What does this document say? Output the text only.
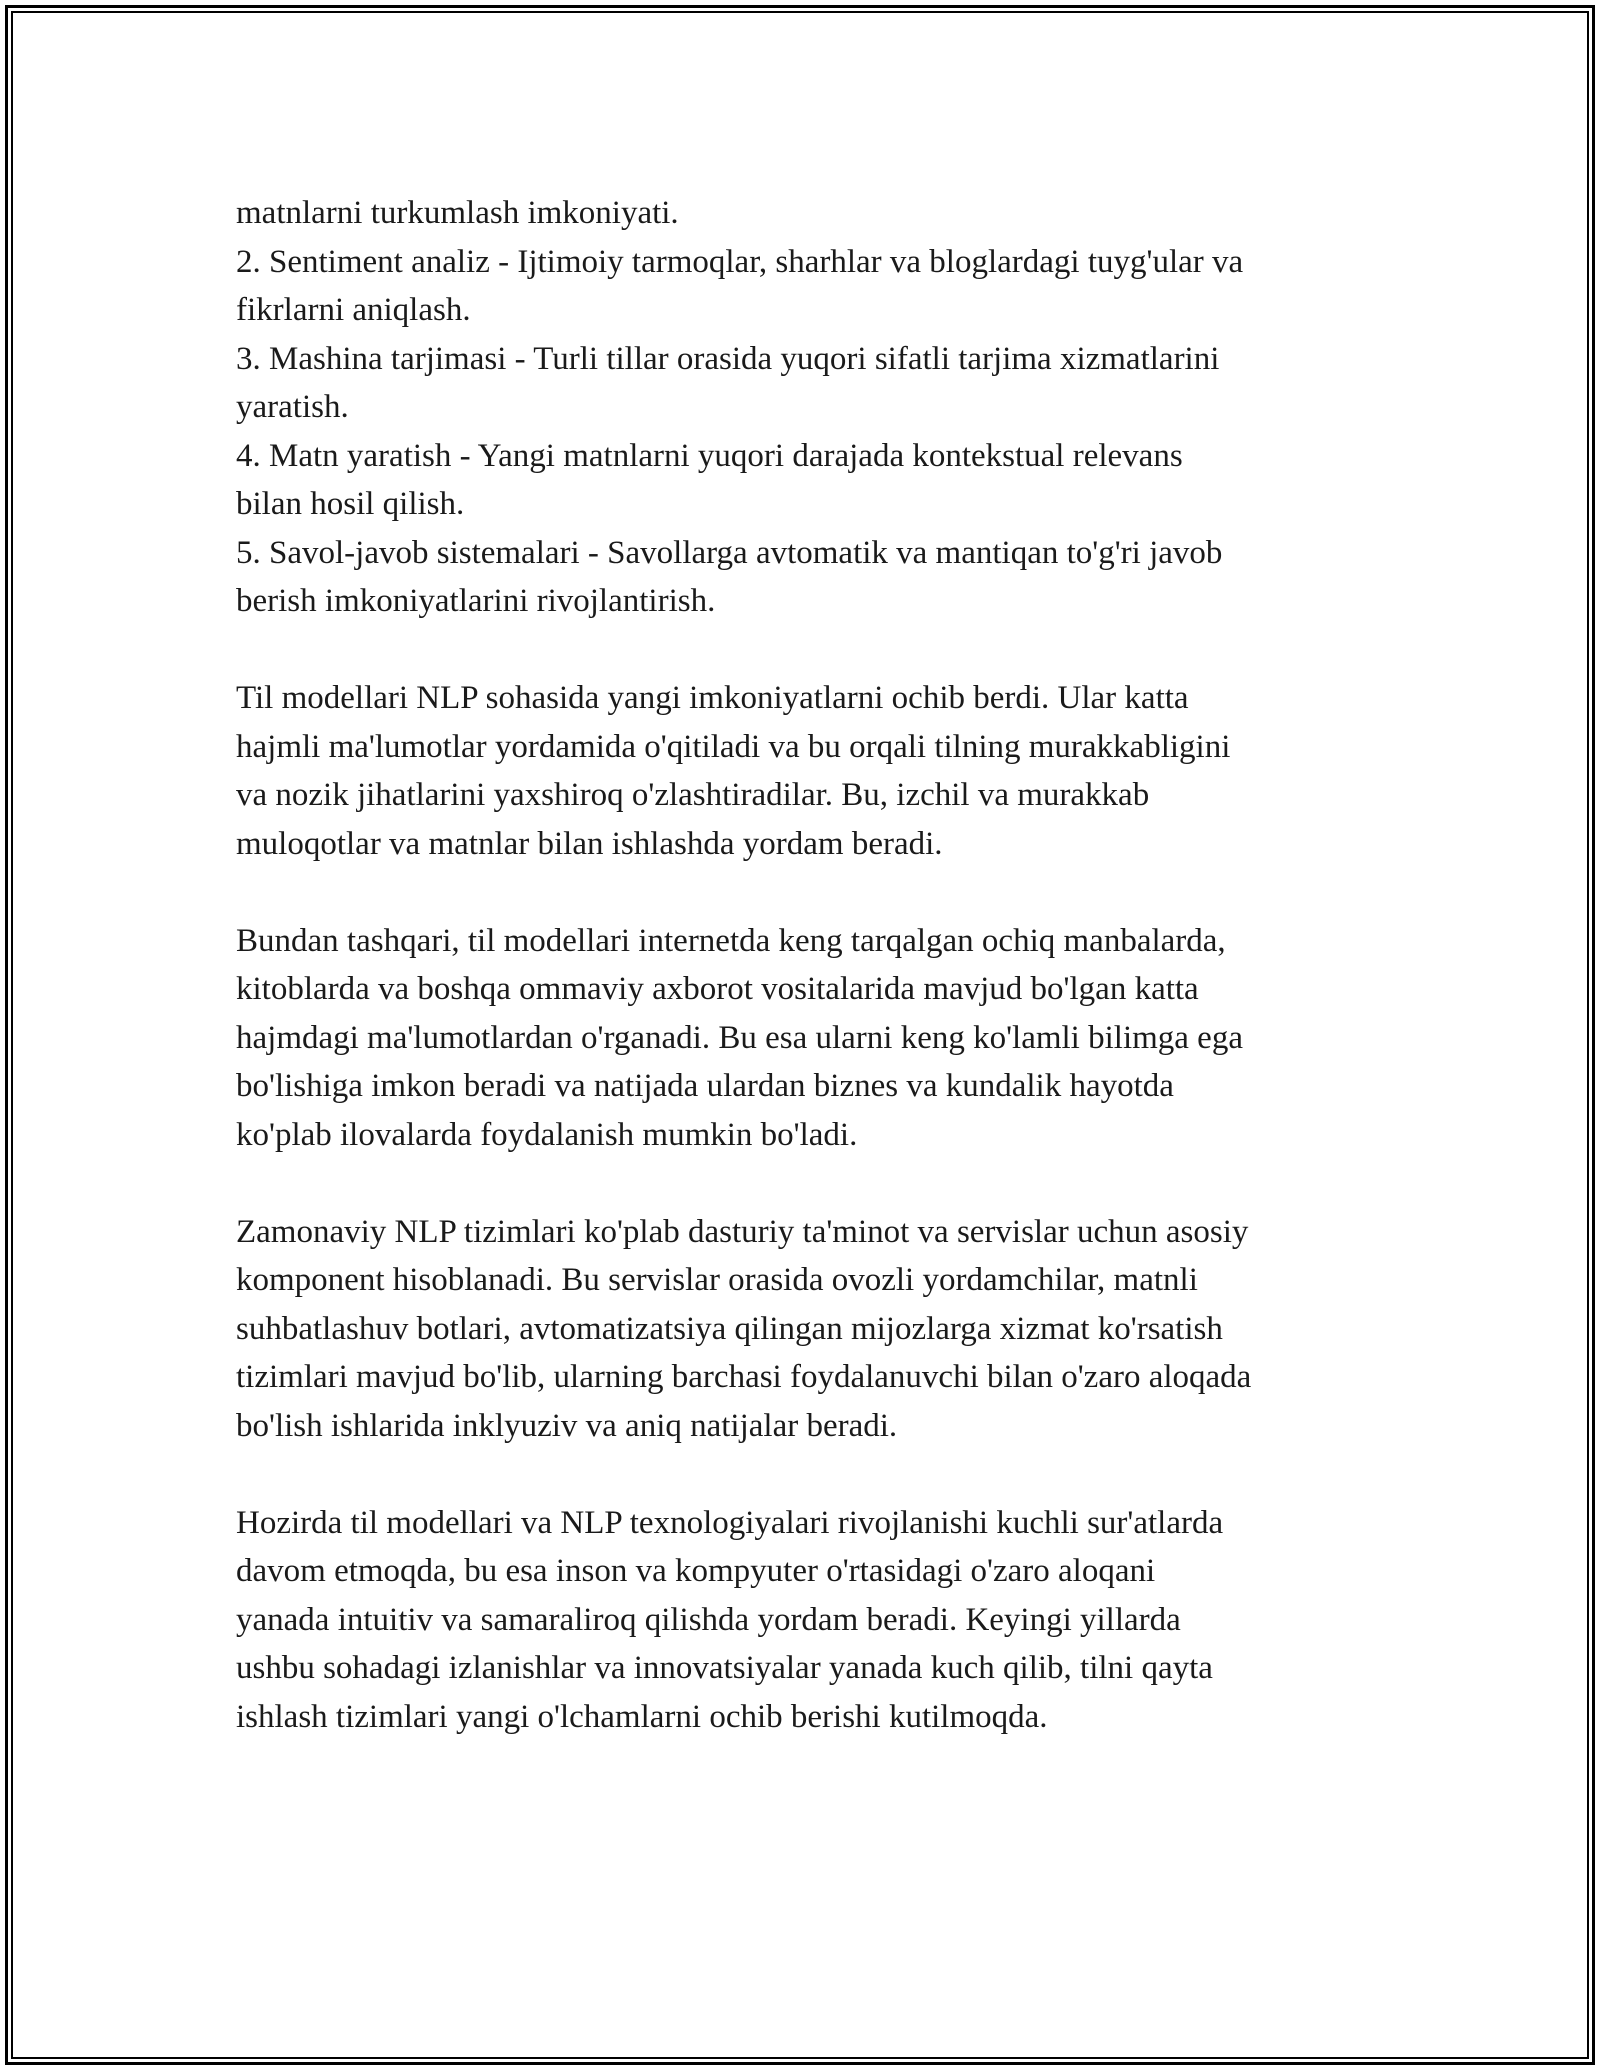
matnlarni turkumlash imkoniyati.
2. Sentiment analiz - Ijtimoiy tarmoqlar, sharhlar va bloglardagi tuyg'ular va
fikrlarni aniqlash.
3. Mashina tarjimasi - Turli tillar orasida yuqori sifatli tarjima xizmatlarini
yaratish.
4. Matn yaratish - Yangi matnlarni yuqori darajada kontekstual relevans
bilan hosil qilish.
5. Savol-javob sistemalari - Savollarga avtomatik va mantiqan to'g'ri javob
berish imkoniyatlarini rivojlantirish.
Til modellari NLP sohasida yangi imkoniyatlarni ochib berdi. Ular katta
hajmli ma'lumotlar yordamida o'qitiladi va bu orqali tilning murakkabligini
va nozik jihatlarini yaxshiroq o'zlashtiradilar. Bu, izchil va murakkab
muloqotlar va matnlar bilan ishlashda yordam beradi.
Bundan tashqari, til modellari internetda keng tarqalgan ochiq manbalarda,
kitoblarda va boshqa ommaviy axborot vositalarida mavjud bo'lgan katta
hajmdagi ma'lumotlardan o'rganadi. Bu esa ularni keng ko'lamli bilimga ega
bo'lishiga imkon beradi va natijada ulardan biznes va kundalik hayotda
ko'plab ilovalarda foydalanish mumkin bo'ladi.
Zamonaviy NLP tizimlari ko'plab dasturiy ta'minot va servislar uchun asosiy
komponent hisoblanadi. Bu servislar orasida ovozli yordamchilar, matnli
suhbatlashuv botlari, avtomatizatsiya qilingan mijozlarga xizmat ko'rsatish
tizimlari mavjud bo'lib, ularning barchasi foydalanuvchi bilan o'zaro aloqada
bo'lish ishlarida inklyuziv va aniq natijalar beradi.
Hozirda til modellari va NLP texnologiyalari rivojlanishi kuchli sur'atlarda
davom etmoqda, bu esa inson va kompyuter o'rtasidagi o'zaro aloqani
yanada intuitiv va samaraliroq qilishda yordam beradi. Keyingi yillarda
ushbu sohadagi izlanishlar va innovatsiyalar yanada kuch qilib, tilni qayta
ishlash tizimlari yangi o'lchamlarni ochib berishi kutilmoqda.
